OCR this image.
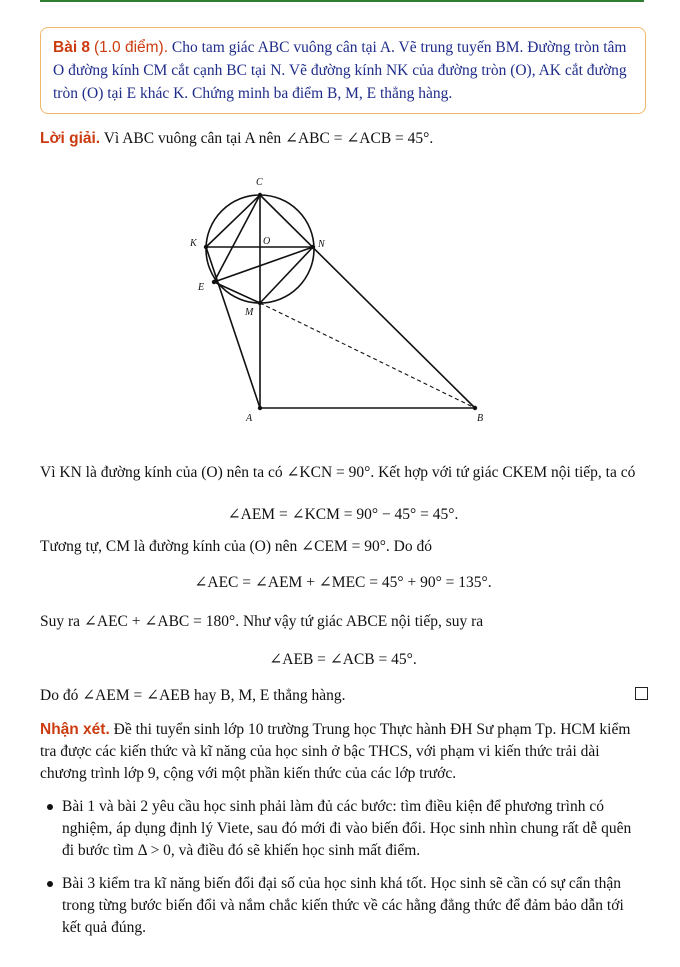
Bài 8 (1.0 điểm). Cho tam giác ABC vuông cân tại A. Vẽ trung tuyến BM. Đường tròn tâm O đường kính CM cắt cạnh BC tại N. Vẽ đường kính NK của đường tròn (O), AK cắt đường tròn (O) tại E khác K. Chứng minh ba điểm B, M, E thẳng hàng.
Lời giải. Vì ABC vuông cân tại A nên ∠ABC = ∠ACB = 45°.
C
O
K	N
E
M
A	B
Vì KN là đường kính của (O) nên ta có ∠KCN = 90°. Kết hợp với tứ giác CKEM nội tiếp, ta có
∠AEM = ∠KCM = 90° − 45° = 45°.
Tương tự, CM là đường kính của (O) nên ∠CEM = 90°. Do đó
∠AEC = ∠AEM + ∠MEC = 45° + 90° = 135°.
Suy ra ∠AEC + ∠ABC = 180°. Như vậy tứ giác ABCE nội tiếp, suy ra
∠AEB = ∠ACB = 45°.
Do đó ∠AEM = ∠AEB hay B, M, E thẳng hàng.
Nhận xét. Đề thi tuyển sinh lớp 10 trường Trung học Thực hành ĐH Sư phạm Tp. HCM kiểm tra được các kiến thức và kĩ năng của học sinh ở bậc THCS, với phạm vi kiến thức trải dài chương trình lớp 9, cộng với một phần kiến thức của các lớp trước.
Bài 1 và bài 2 yêu cầu học sinh phải làm đủ các bước: tìm điều kiện để phương trình có nghiệm, áp dụng định lý Viete, sau đó mới đi vào biến đổi. Học sinh nhìn chung rất dễ quên đi bước tìm Δ > 0, và điều đó sẽ khiến học sinh mất điểm.
Bài 3 kiểm tra kĩ năng biến đổi đại số của học sinh khá tốt. Học sinh sẽ cần có sự cẩn thận trong từng bước biến đổi và nắm chắc kiến thức về các hằng đẳng thức để đảm bảo dẫn tới kết quả đúng.
